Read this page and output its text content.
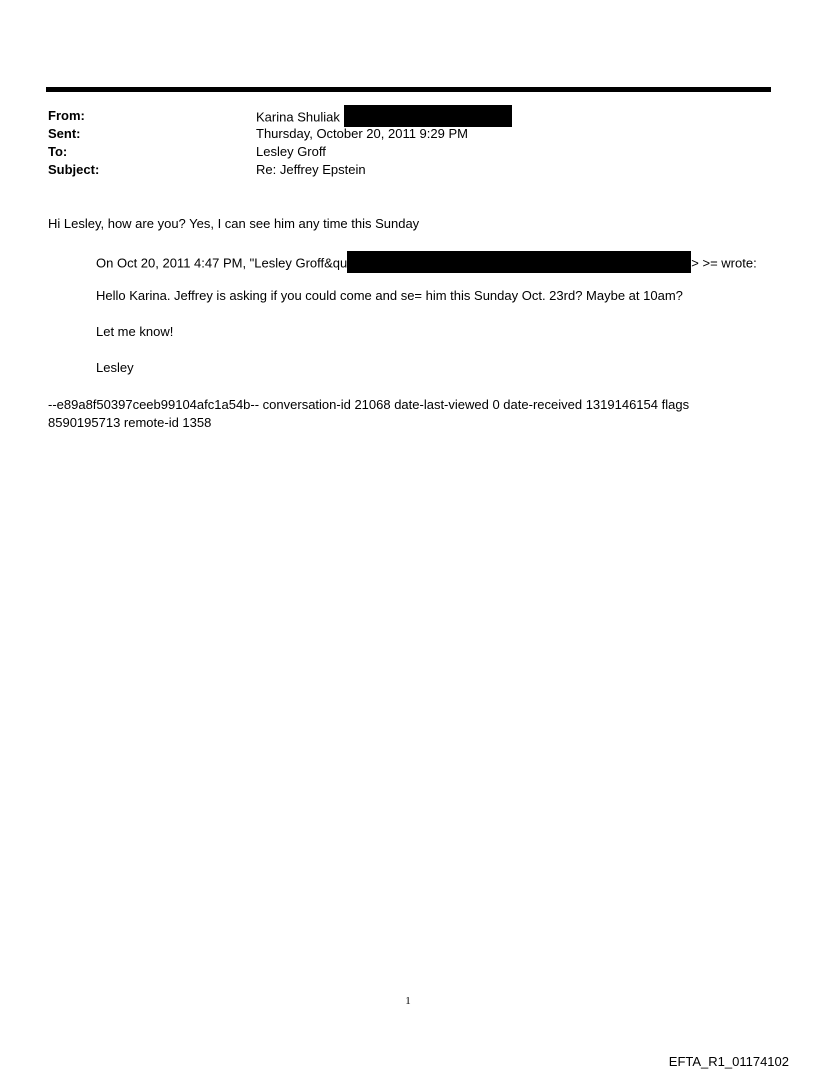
From:	Karina Shuliak
Sent:	Thursday, October 20, 2011 9:29 PM
To:	Lesley Groff
Subject:	Re: Jeffrey Epstein
Hi Lesley, how are you? Yes, I can see him any time this Sunday
On Oct 20, 2011 4:47 PM, "Lesley Groff&qu	> >= wrote:
Hello Karina. Jeffrey is asking if you could come and se= him this Sunday Oct. 23rd? Maybe at 10am?
Let me know!
Lesley
--e89a8f50397ceeb99104afc1a54b-- conversation-id 21068 date-last-viewed 0 date-received 1319146154 flags 8590195713 remote-id 1358
1
EFTA_R1_01174102
